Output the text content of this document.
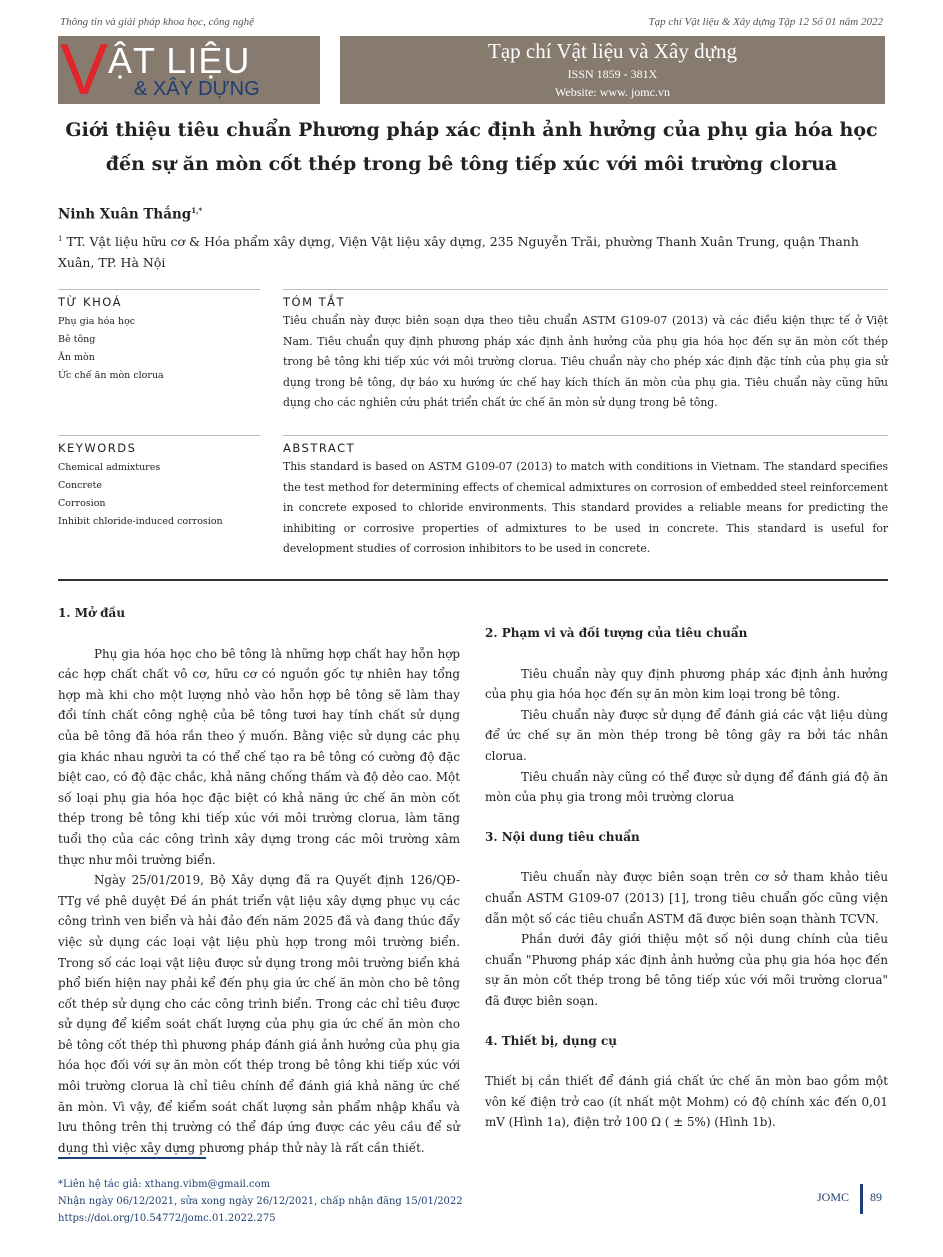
Thông tin và giải pháp khoa học, công nghệ	Tạp chí Vật liệu & Xây dựng Tập 12 Số 01 năm 2022
V ẬT LIỆU
& XÂY DỰNG
Tạp chí Vật liệu và Xây dựng
ISSN 1859 - 381X
Website: www. jomc.vn
Giới thiệu tiêu chuẩn Phương pháp xác định ảnh hưởng của phụ gia hóa học
đến sự ăn mòn cốt thép trong bê tông tiếp xúc với môi trường clorua
Ninh Xuân Thắng$^{1,*}$
$^1$ TT. Vật liệu hữu cơ & Hóa phẩm xây dựng, Viện Vật liệu xây dựng, 235 Nguyễn Trãi, phường Thanh Xuân Trung, quận Thanh Xuân, TP. Hà Nội
TỪ KHOÁ
Phụ gia hóa học
Bê tông
Ăn mòn
Ức chế ăn mòn clorua
TÓM TẮT
Tiêu chuẩn này được biên soạn dựa theo tiêu chuẩn ASTM G109-07 (2013) và các điều kiện thực tế ở Việt Nam. Tiêu chuẩn quy định phương pháp xác định ảnh hưởng của phụ gia hóa học đến sự ăn mòn cốt thép trong bê tông khi tiếp xúc với môi trường clorua. Tiêu chuẩn này cho phép xác định đặc tính của phụ gia sử dụng trong bê tông, dự báo xu hướng ức chế hay kích thích ăn mòn của phụ gia. Tiêu chuẩn này cũng hữu dụng cho các nghiên cứu phát triển chất ức chế ăn mòn sử dụng trong bê tông.
KEYWORDS
Chemical admixtures
Concrete
Corrosion
Inhibit chloride-induced corrosion
ABSTRACT
This standard is based on ASTM G109-07 (2013) to match with conditions in Vietnam. The standard specifies the test method for determining effects of chemical admixtures on corrosion of embedded steel reinforcement in concrete exposed to chloride environments. This standard provides a reliable means for predicting the inhibiting or corrosive properties of admixtures to be used in concrete. This standard is useful for development studies of corrosion inhibitors to be used in concrete.
1. Mở đầu

Phụ gia hóa học cho bê tông là những hợp chất hay hỗn hợp các hợp chất chất vô cơ, hữu cơ có nguồn gốc tự nhiên hay tổng hợp mà khi cho một lượng nhỏ vào hỗn hợp bê tông sẽ làm thay đổi tính chất công nghệ của bê tông tươi hay tính chất sử dụng của bê tông đã hóa rắn theo ý muốn. Bằng việc sử dụng các phụ gia khác nhau người ta có thể chế tạo ra bê tông có cường độ đặc biệt cao, có độ đặc chắc, khả năng chống thấm và độ dẻo cao. Một số loại phụ gia hóa học đặc biệt có khả năng ức chế ăn mòn cốt thép trong bê tông khi tiếp xúc với môi trường clorua, làm tăng tuổi thọ của các công trình xây dựng trong các môi trường xâm thực như môi trường biển.

Ngày 25/01/2019, Bộ Xây dựng đã ra Quyết định 126/QĐ-TTg về phê duyệt Đề án phát triển vật liệu xây dựng phục vụ các công trình ven biển và hải đảo đến năm 2025 đã và đang thúc đẩy việc sử dụng các loại vật liệu phù hợp trong môi trường biển. Trong số các loại vật liệu được sử dụng trong môi trường biển khá phổ biến hiện nay phải kể đến phụ gia ức chế ăn mòn cho bê tông cốt thép sử dụng cho các công trình biển. Trong các chỉ tiêu được sử dụng để kiểm soát chất lượng của phụ gia ức chế ăn mòn cho bê tông cốt thép thì phương pháp đánh giá ảnh hưởng của phụ gia hóa học đối với sự ăn mòn cốt thép trong bê tông khi tiếp xúc với môi trường clorua là chỉ tiêu chính để đánh giá khả năng ức chế ăn mòn. Vì vậy, để kiểm soát chất lượng sản phẩm nhập khẩu và lưu thông trên thị trường có thể đáp ứng được các yêu cầu để sử dụng thì việc xây dựng phương pháp thử này là rất cần thiết.

2. Phạm vi và đối tượng của tiêu chuẩn

Tiêu chuẩn này quy định phương pháp xác định ảnh hưởng của phụ gia hóa học đến sự ăn mòn kim loại trong bê tông.

Tiêu chuẩn này được sử dụng để đánh giá các vật liệu dùng để ức chế sự ăn mòn thép trong bê tông gây ra bởi tác nhân clorua.

Tiêu chuẩn này cũng có thể được sử dụng để đánh giá độ ăn mòn của phụ gia trong môi trường clorua

3. Nội dung tiêu chuẩn

Tiêu chuẩn này được biên soạn trên cơ sở tham khảo tiêu chuẩn ASTM G109-07 (2013) [1], trong tiêu chuẩn gốc cũng viện dẫn một số các tiêu chuẩn ASTM đã được biên soạn thành TCVN.

Phần dưới đây giới thiệu một số nội dung chính của tiêu chuẩn "Phương pháp xác định ảnh hưởng của phụ gia hóa học đến sự ăn mòn cốt thép trong bê tông tiếp xúc với môi trường clorua" đã được biên soạn.

4. Thiết bị, dụng cụ

Thiết bị cần thiết để đánh giá chất ức chế ăn mòn bao gồm một vôn kế điện trở cao (ít nhất một Mohm) có độ chính xác đến 0,01 mV (Hình 1a), điện trở 100 Ω ( ± 5%) (Hình 1b).

*Liên hệ tác giả: xthang.vibm@gmail.com
Nhận ngày 06/12/2021, sửa xong ngày 26/12/2021, chấp nhận đăng 15/01/2022
https://doi.org/10.54772/jomc.01.2022.275
JOMC 89
